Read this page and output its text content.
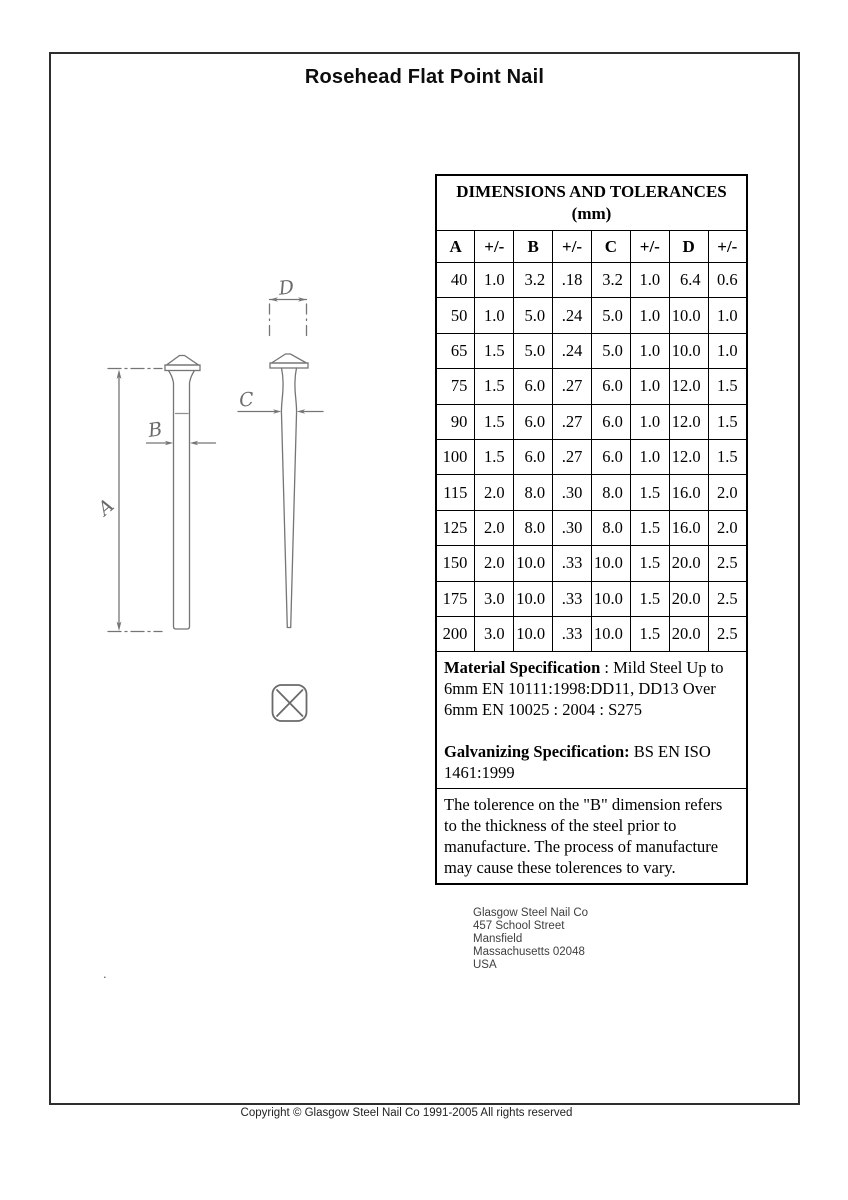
Rosehead Flat Point Nail
A
B
D
C
DIMENSIONS AND TOLERANCES
(mm)							

A	+/-	B	+/-	C	+/-	D	+/-
40	1.0	3.2	.18	3.2	1.0	6.4	0.6
50	1.0	5.0	.24	5.0	1.0	10.0	1.0
65	1.5	5.0	.24	5.0	1.0	10.0	1.0
75	1.5	6.0	.27	6.0	1.0	12.0	1.5
90	1.5	6.0	.27	6.0	1.0	12.0	1.5
100	1.5	6.0	.27	6.0	1.0	12.0	1.5
115	2.0	8.0	.30	8.0	1.5	16.0	2.0
125	2.0	8.0	.30	8.0	1.5	16.0	2.0
150	2.0	10.0	.33	10.0	1.5	20.0	2.5
175	3.0	10.0	.33	10.0	1.5	20.0	2.5
200	3.0	10.0	.33	10.0	1.5	20.0	2.5

Material Specification : Mild Steel Up to 6mm EN 10111:1998:DD11, DD13 Over 6mm EN 10025 : 2004 : S275

Galvanizing Specification: BS EN ISO 1461:1999							

The tolerence on the "B" dimension refers to the thickness of the steel prior to manufacture. The process of manufacture may cause these tolerences to vary.							
Glasgow Steel Nail Co
457 School Street
Mansfield
Massachusetts 02048
USA
Copyright © Glasgow Steel Nail Co 1991-2005 All rights reserved
.
